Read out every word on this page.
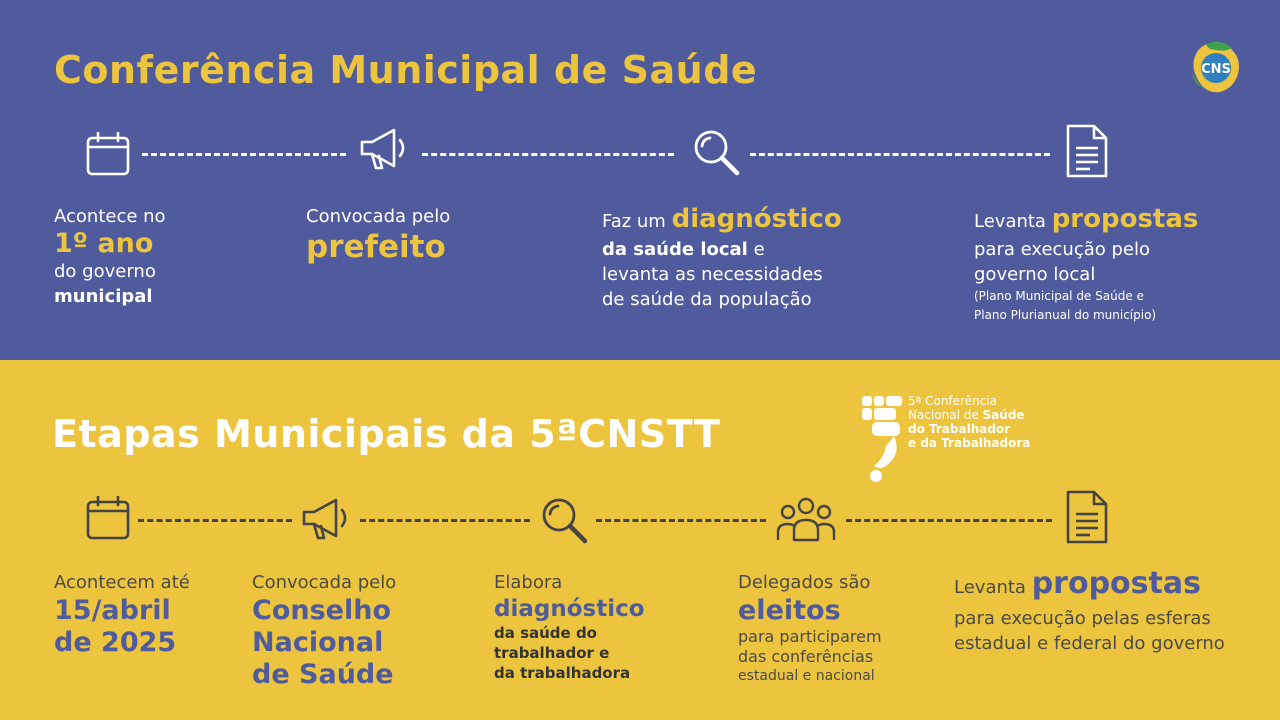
Conferência Municipal de Saúde	CNS
Acontece no
1º ano
do governo
municipal
Convocada pelo
prefeito
Faz um diagnóstico
da saúde local e
levanta as necessidades
de saúde da população
Levanta propostas
para execução pelo
governo local
(Plano Municipal de Saúde e
Plano Plurianual do município)
Etapas Municipais da 5ªCNSTT
5ª Conferência
Nacional de Saúde
do Trabalhador
e da Trabalhadora
Acontecem até
15/abril
de 2025
Convocada pelo
Conselho
Nacional
de Saúde
Elabora
diagnóstico
da saúde do
trabalhador e
da trabalhadora
Delegados são
eleitos
para participarem
das conferências
estadual e nacional
Levanta propostas
para execução pelas esferas
estadual e federal do governo
